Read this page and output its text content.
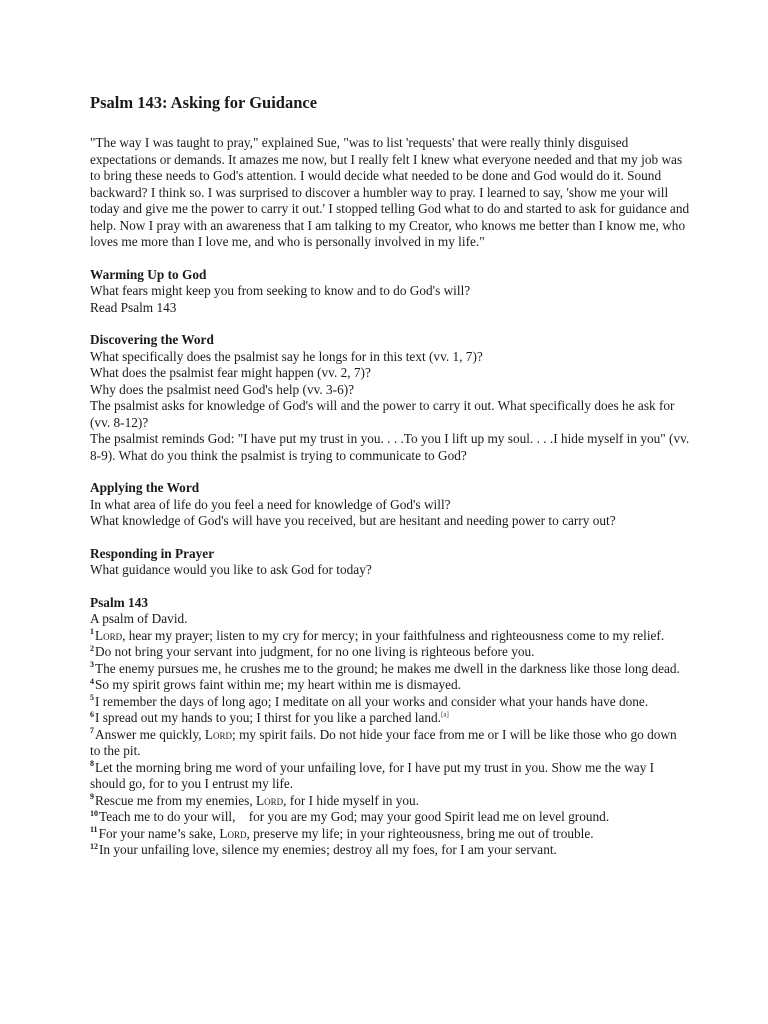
Psalm 143: Asking for Guidance

"The way I was taught to pray," explained Sue, "was to list 'requests' that were really thinly disguised expectations or demands. It amazes me now, but I really felt I knew what everyone needed and that my job was to bring these needs to God's attention. I would decide what needed to be done and God would do it. Sound backward? I think so. I was surprised to discover a humbler way to pray. I learned to say, 'show me your will today and give me the power to carry it out.' I stopped telling God what to do and started to ask for guidance and help. Now I pray with an awareness that I am talking to my Creator, who knows me better than I know me, who loves me more than I love me, and who is personally involved in my life."

Warming Up to God
What fears might keep you from seeking to know and to do God's will?
Read Psalm 143
Discovering the Word
What specifically does the psalmist say he longs for in this text (vv. 1, 7)?
What does the psalmist fear might happen (vv. 2, 7)?
Why does the psalmist need God's help (vv. 3-6)?
The psalmist asks for knowledge of God's will and the power to carry it out. What specifically does he ask for (vv. 8-12)?
The psalmist reminds God: "I have put my trust in you. . . .To you I lift up my soul. . . .I hide myself in you" (vv. 8-9). What do you think the psalmist is trying to communicate to God?
Applying the Word
In what area of life do you feel a need for knowledge of God's will?
What knowledge of God's will have you received, but are hesitant and needing power to carry out?
Responding in Prayer
What guidance would you like to ask God for today?
Psalm 143
A psalm of David.
$^1$Lord, hear my prayer; listen to my cry for mercy; in your faithfulness and righteousness come to my relief.
$^2$Do not bring your servant into judgment, for no one living is righteous before you.
$^3$The enemy pursues me, he crushes me to the ground; he makes me dwell in the darkness like those long dead.
$^4$So my spirit grows faint within me; my heart within me is dismayed.
$^5$I remember the days of long ago; I meditate on all your works and consider what your hands have done.
$^6$I spread out my hands to you; I thirst for you like a parched land.[a]
$^7$Answer me quickly, Lord; my spirit fails. Do not hide your face from me or I will be like those who go down to the pit.
$^8$Let the morning bring me word of your unfailing love, for I have put my trust in you. Show me the way I should go, for to you I entrust my life.
$^9$Rescue me from my enemies, Lord, for I hide myself in you.
$^{10}$Teach me to do your will,    for you are my God; may your good Spirit lead me on level ground.
$^{11}$For your name’s sake, Lord, preserve my life; in your righteousness, bring me out of trouble.
$^{12}$In your unfailing love, silence my enemies; destroy all my foes, for I am your servant.
